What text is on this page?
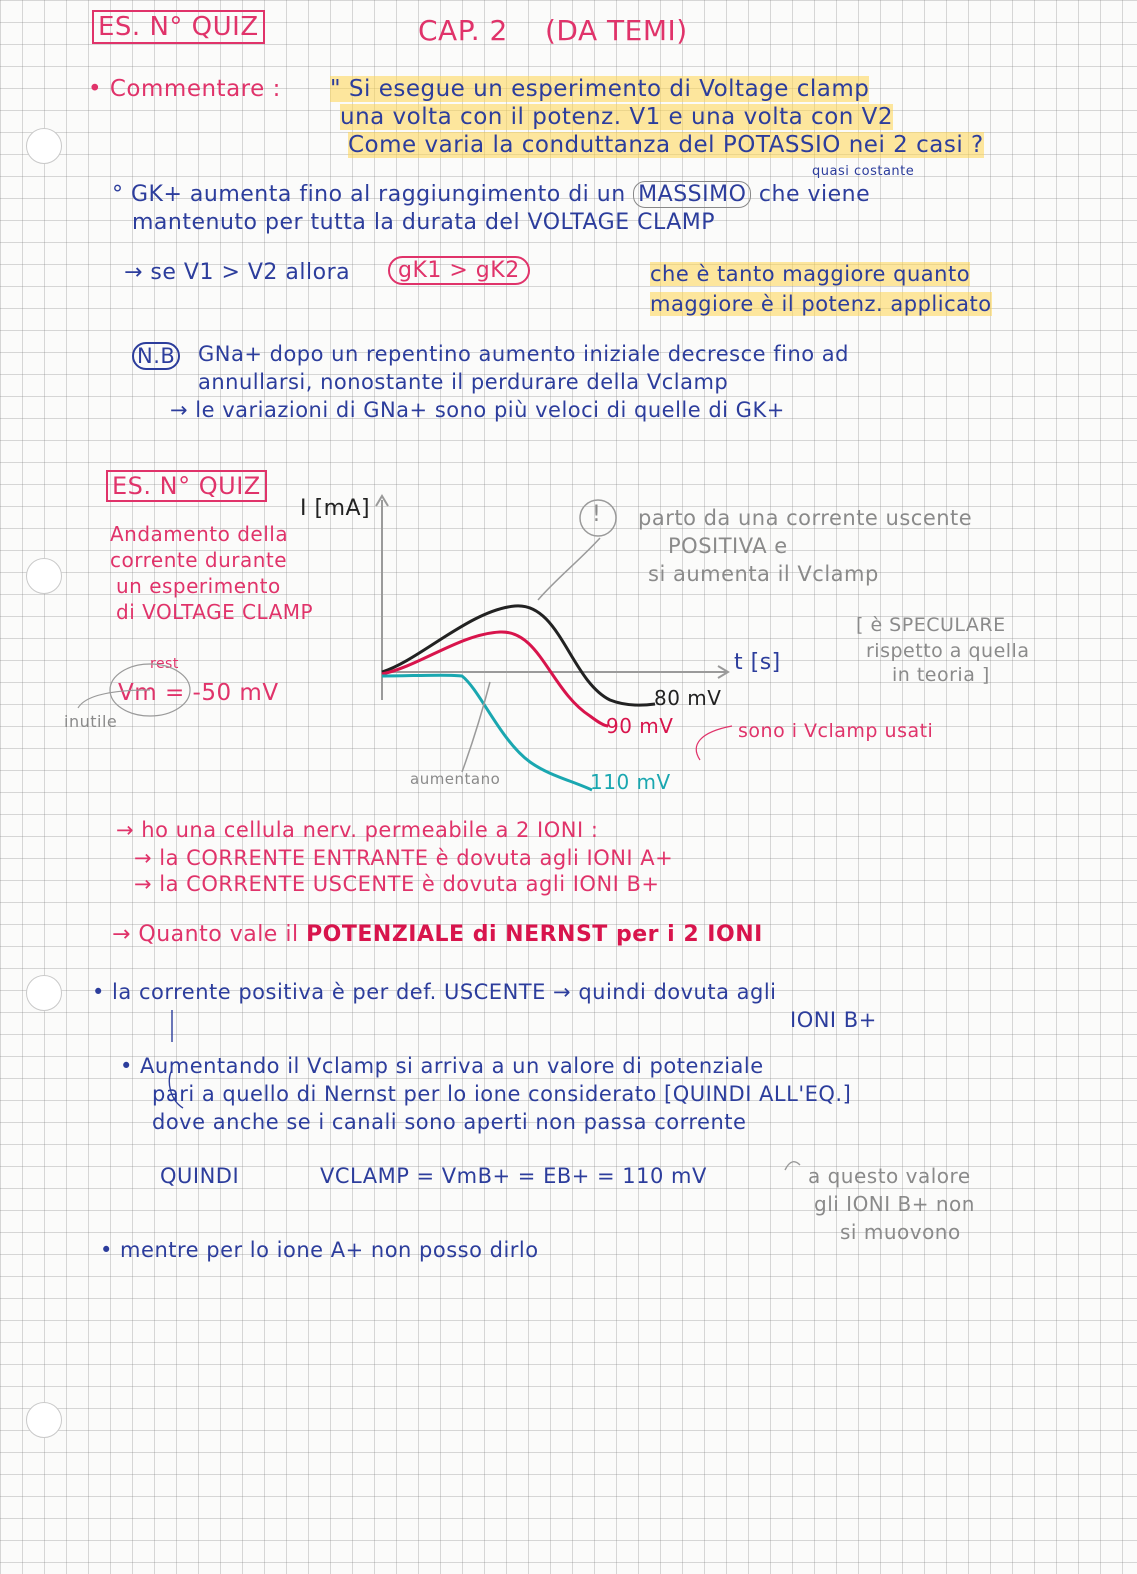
ES. N° QUIZ	CAP. 2 (DA TEMI)
• Commentare : " Si esegue un esperimento di Voltage clamp
una volta con il potenz. V1 e una volta con V2
Come varia la conduttanza del POTASSIO nei 2 casi ?
quasi costante
° GK+ aumenta fino al raggiungimento di un MASSIMO che viene
mantenuto per tutta la durata del VOLTAGE CLAMP
→ se V1 > V2 allora	gK1 > gK2	che è tanto maggiore quanto
maggiore è il potenz. applicato
N.B GNa+ dopo un repentino aumento iniziale decresce fino ad
annullarsi, nonostante il perdurare della Vclamp
→ le variazioni di GNa+ sono più veloci di quelle di GK+
ES. N° QUIZ
Andamento della
corrente durante
un esperimento
di VOLTAGE CLAMP
rest
Vm = -50 mV
inutile
I [mA]
t [s]
!
80 mV
90 mV
110 mV
parto da una corrente uscente
POSITIVA e
si aumenta il Vclamp
[ è SPECULARE
rispetto a quella
in teoria ]
sono i Vclamp usati
aumentano
→ ho una cellula nerv. permeabile a 2 IONI :
→ la CORRENTE ENTRANTE è dovuta agli IONI A+
→ la CORRENTE USCENTE è dovuta agli IONI B+
→ Quanto vale il POTENZIALE di NERNST per i 2 IONI
• la corrente positiva è per def. USCENTE → quindi dovuta agli
IONI B+
• Aumentando il Vclamp si arriva a un valore di potenziale
pari a quello di Nernst per lo ione considerato [QUINDI ALL'EQ.]
dove anche se i canali sono aperti non passa corrente
QUINDI	VCLAMP = VmB+ = EB+ = 110 mV	a questo valore
gli IONI B+ non
si muovono
• mentre per lo ione A+ non posso dirlo
